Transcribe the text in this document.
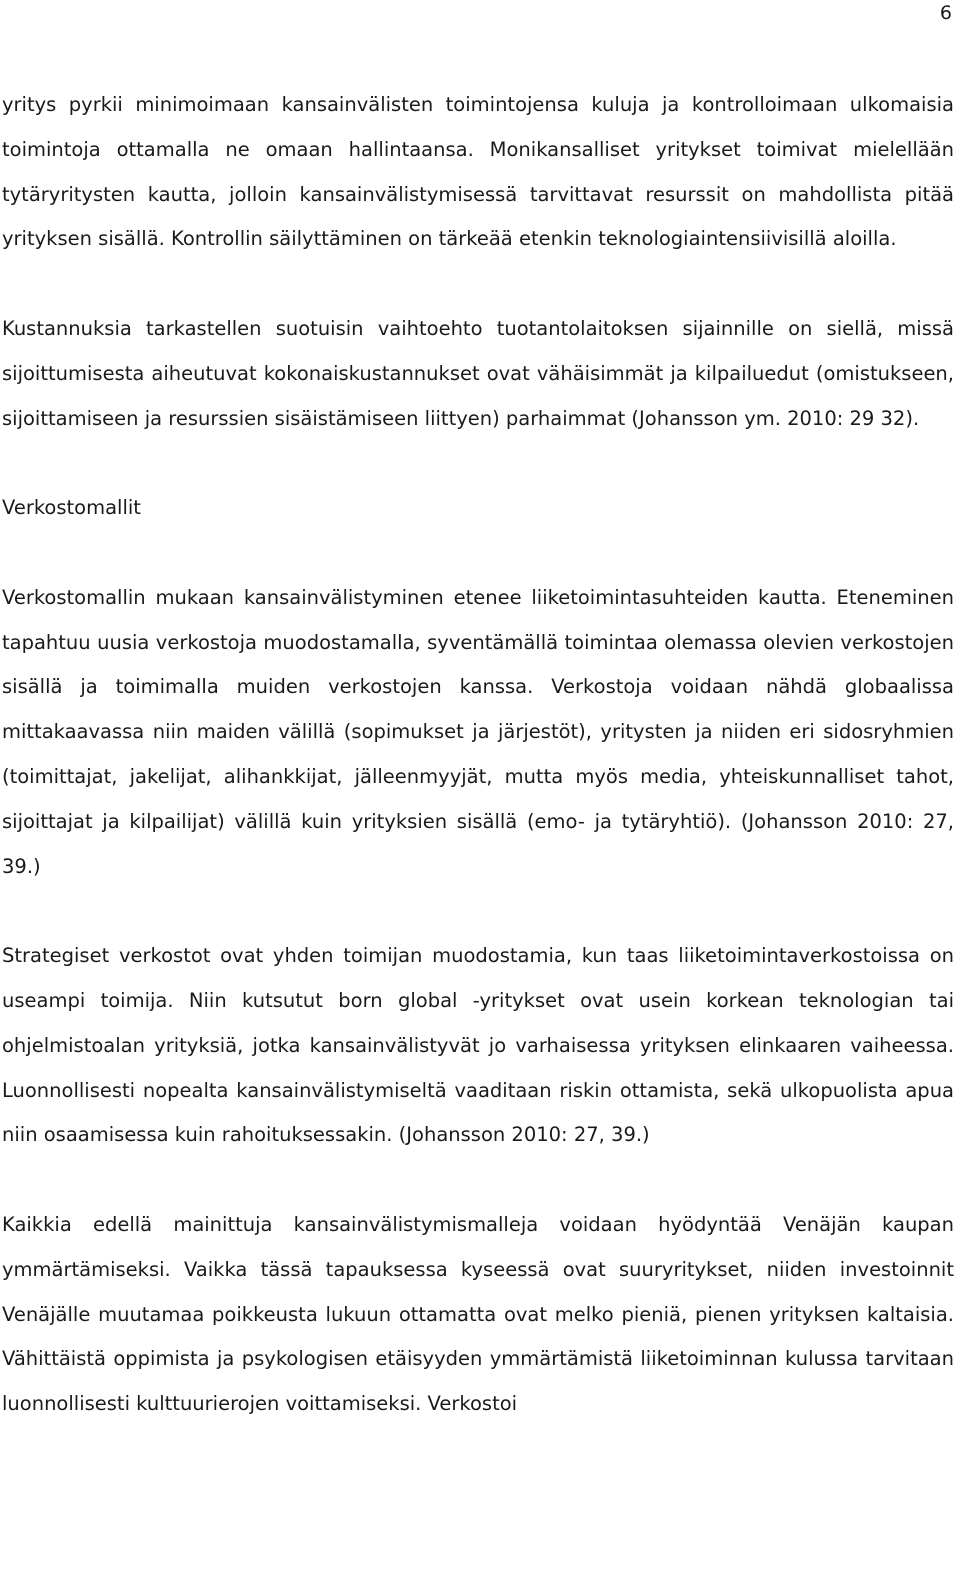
6

yritys pyrkii minimoimaan kansainvälisten toimintojensa kuluja ja kontrolloimaan ulkomaisia toimintoja ottamalla ne omaan hallintaansa. Monikansalliset yritykset toimivat mielellään tytäryritysten kautta, jolloin kansainvälistymisessä tarvittavat resurssit on mahdollista pitää yrityksen sisällä. Kontrollin säilyttäminen on tärkeää etenkin teknologiaintensiivisillä aloilla.

Kustannuksia tarkastellen suotuisin vaihtoehto tuotantolaitoksen sijainnille on siellä, missä sijoittumisesta aiheutuvat kokonaiskustannukset ovat vähäisimmät ja kilpailuedut (omistukseen, sijoittamiseen ja resurssien sisäistämiseen liittyen) parhaimmat (Johansson ym. 2010: 29 32).

Verkostomallit

Verkostomallin mukaan kansainvälistyminen etenee liiketoimintasuhteiden kautta. Eteneminen tapahtuu uusia verkostoja muodostamalla, syventämällä toimintaa olemassa olevien verkostojen sisällä ja toimimalla muiden verkostojen kanssa. Verkostoja voidaan nähdä globaalissa mittakaavassa niin maiden välillä (sopimukset ja järjestöt), yritysten ja niiden eri sidosryhmien (toimittajat, jakelijat, alihankkijat, jälleenmyyjät, mutta myös media, yhteiskunnalliset tahot, sijoittajat ja kilpailijat) välillä kuin yrityksien sisällä (emo- ja tytäryhtiö). (Johansson 2010: 27, 39.)

Strategiset verkostot ovat yhden toimijan muodostamia, kun taas liiketoimintaverkostoissa on useampi toimija. Niin kutsutut born global -yritykset ovat usein korkean teknologian tai ohjelmistoalan yrityksiä, jotka kansainvälistyvät jo varhaisessa yrityksen elinkaaren vaiheessa. Luonnollisesti nopealta kansainvälistymiseltä vaaditaan riskin ottamista, sekä ulkopuolista apua niin osaamisessa kuin rahoituksessakin. (Johansson 2010: 27, 39.)

Kaikkia edellä mainittuja kansainvälistymismalleja voidaan hyödyntää Venäjän kaupan ymmärtämiseksi. Vaikka tässä tapauksessa kyseessä ovat suuryritykset, niiden investoinnit Venäjälle muutamaa poikkeusta lukuun ottamatta ovat melko pieniä, pienen yrityksen kaltaisia. Vähittäistä oppimista ja psykologisen etäisyyden ymmärtämistä liiketoiminnan kulussa tarvitaan luonnollisesti kulttuurierojen voittamiseksi. Verkostoi
